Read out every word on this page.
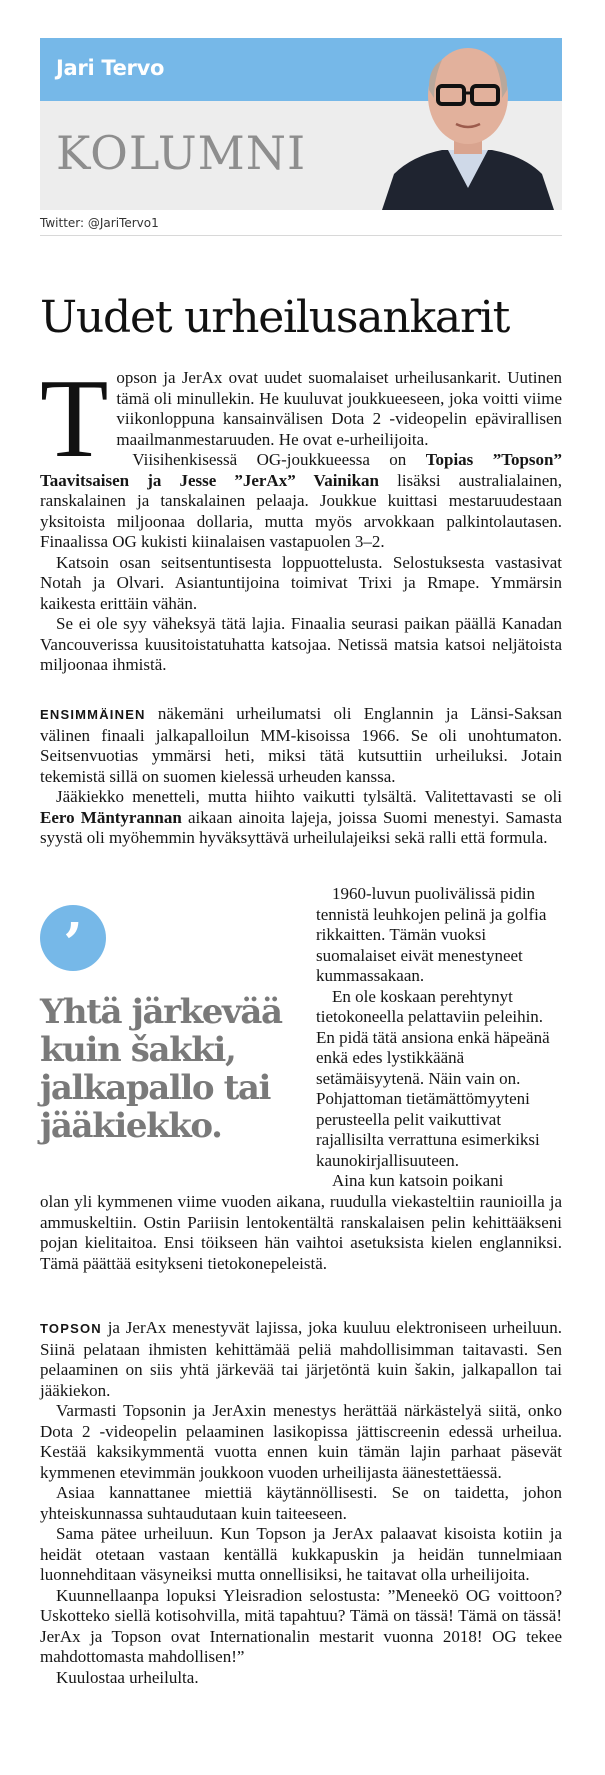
Jari Tervo
KOLUMNI
Twitter: @JariTervo1
Uudet urheilusankarit

Topson ja JerAx ovat uudet suomalaiset urheilusankarit. Uutinen tämä oli minullekin. He kuuluvat joukkueeseen, joka voitti viime viikonloppuna kansainvälisen Dota 2 -videopelin epävirallisen maailmanmestaruuden. He ovat e-urheilijoita.

Viisihenkisessä OG-joukkueessa on Topias ”Topson” Taavitsaisen ja Jesse ”JerAx” Vainikan lisäksi australialainen, ranskalainen ja tanskalainen pelaaja. Joukkue kuittasi mestaruudestaan yksitoista miljoonaa dollaria, mutta myös arvokkaan palkintolautasen. Finaalissa OG kukisti kiinalaisen vastapuolen 3–2.

Katsoin osan seitsentuntisesta loppuottelusta. Selostuksesta vastasivat Notah ja Olvari. Asiantuntijoina toimivat Trixi ja Rmape. Ymmärsin kaikesta erittäin vähän.

Se ei ole syy väheksyä tätä lajia. Finaalia seurasi paikan päällä Kanadan Vancouverissa kuusitoistatuhatta katsojaa. Netissä matsia katsoi neljätoista miljoonaa ihmistä.

ENSIMMÄINEN näkemäni urheilumatsi oli Englannin ja Länsi-Saksan välinen finaali jalkapalloilun MM-kisoissa 1966. Se oli unohtumaton. Seitsenvuotias ymmärsi heti, miksi tätä kutsuttiin urheiluksi. Jotain tekemistä sillä on suomen kielessä urheuden kanssa.

Jääkiekko menetteli, mutta hiihto vaikutti tylsältä. Valitettavasti se oli Eero Mäntyrannan aikaan ainoita lajeja, joissa Suomi menestyi. Samasta syystä oli myöhemmin hyväksyttävä urheilulajeiksi sekä ralli että formula.

’
Yhtä järkevää kuin šakki, jalkapallo tai jääkiekko.

1960-luvun puolivälissä pidin tennistä leuhkojen pelinä ja golfia rikkaitten. Tämän vuoksi suomalaiset eivät menestyneet kummassakaan.

En ole koskaan perehtynyt tietokoneella pelattaviin peleihin. En pidä tätä ansiona enkä häpeänä enkä edes lystikkäänä setämäisyytenä. Näin vain on. Pohjattoman tietämättömyyteni perusteella pelit vaikuttivat rajallisilta verrattuna esimerkiksi kaunokirjallisuuteen.

Aina kun katsoin poikani

olan yli kymmenen viime vuoden aikana, ruudulla viekasteltiin raunioilla ja ammuskeltiin. Ostin Pariisin lentokentältä ranskalaisen pelin kehittääkseni pojan kielitaitoa. Ensi töikseen hän vaihtoi asetuksista kielen englanniksi. Tämä päättää esitykseni tietokonepeleistä.

TOPSON ja JerAx menestyvät lajissa, joka kuuluu elektroniseen urheiluun. Siinä pelataan ihmisten kehittämää peliä mahdollisimman taitavasti. Sen pelaaminen on siis yhtä järkevää tai järjetöntä kuin šakin, jalkapallon tai jääkiekon.

Varmasti Topsonin ja JerAxin menestys herättää närkästelyä siitä, onko Dota 2 -videopelin pelaaminen lasikopissa jättiscreenin edessä urheilua. Kestää kaksikymmentä vuotta ennen kuin tämän lajin parhaat päsevät kymmenen etevimmän joukkoon vuoden urheilijasta äänestettäessä.

Asiaa kannattanee miettiä käytännöllisesti. Se on taidetta, johon yhteiskunnassa suhtaudutaan kuin taiteeseen.

Sama pätee urheiluun. Kun Topson ja JerAx palaavat kisoista kotiin ja heidät otetaan vastaan kentällä kukkapuskin ja heidän tunnelmiaan luonnehditaan väsyneiksi mutta onnellisiksi, he taitavat olla urheilijoita.

Kuunnellaanpa lopuksi Yleisradion selostusta: ”Meneekö OG voittoon? Uskotteko siellä kotisohvilla, mitä tapahtuu? Tämä on tässä! Tämä on tässä! JerAx ja Topson ovat Internationalin mestarit vuonna 2018! OG tekee mahdottomasta mahdollisen!”

Kuulostaa urheilulta.
